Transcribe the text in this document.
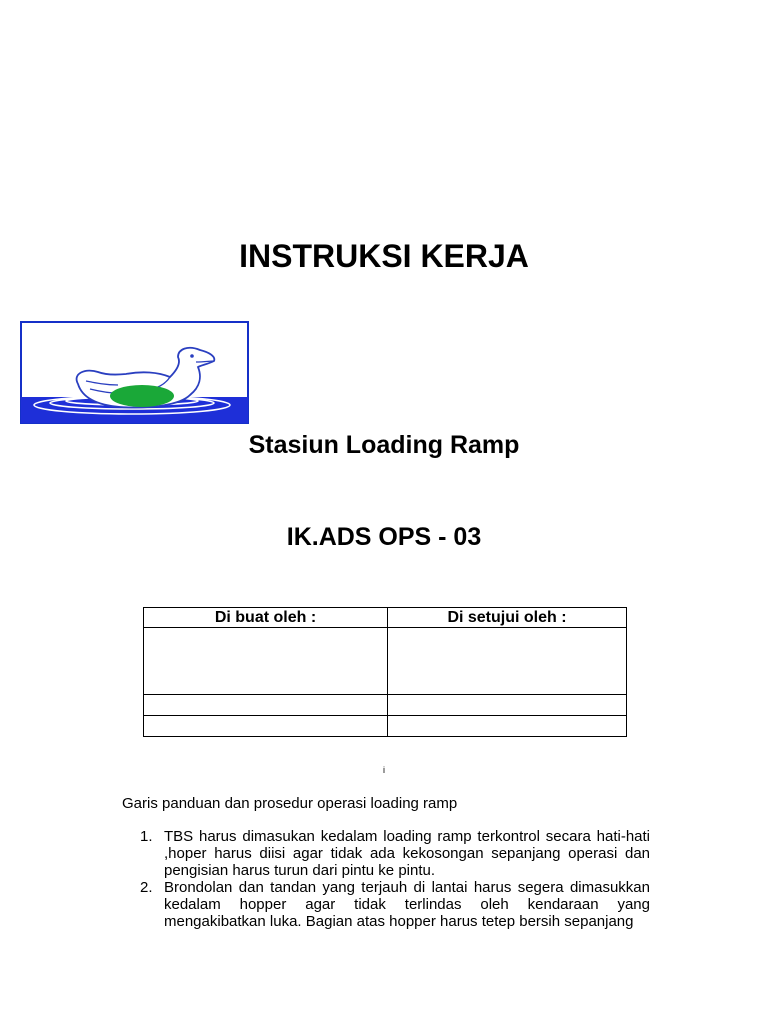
INSTRUKSI KERJA
Stasiun Loading Ramp
IK.ADS OPS - 03
Di buat oleh :	Di setujui oleh :

i

Garis panduan dan prosedur operasi loading ramp

1. TBS harus dimasukan kedalam loading ramp terkontrol secara hati-hati ,hoper harus diisi agar tidak ada kekosongan sepanjang operasi dan pengisian harus turun dari pintu ke pintu.
2. Brondolan dan tandan yang terjauh di lantai harus segera dimasukkan kedalam hopper agar tidak terlindas oleh kendaraan yang mengakibatkan luka. Bagian atas hopper harus tetep bersih sepanjang
